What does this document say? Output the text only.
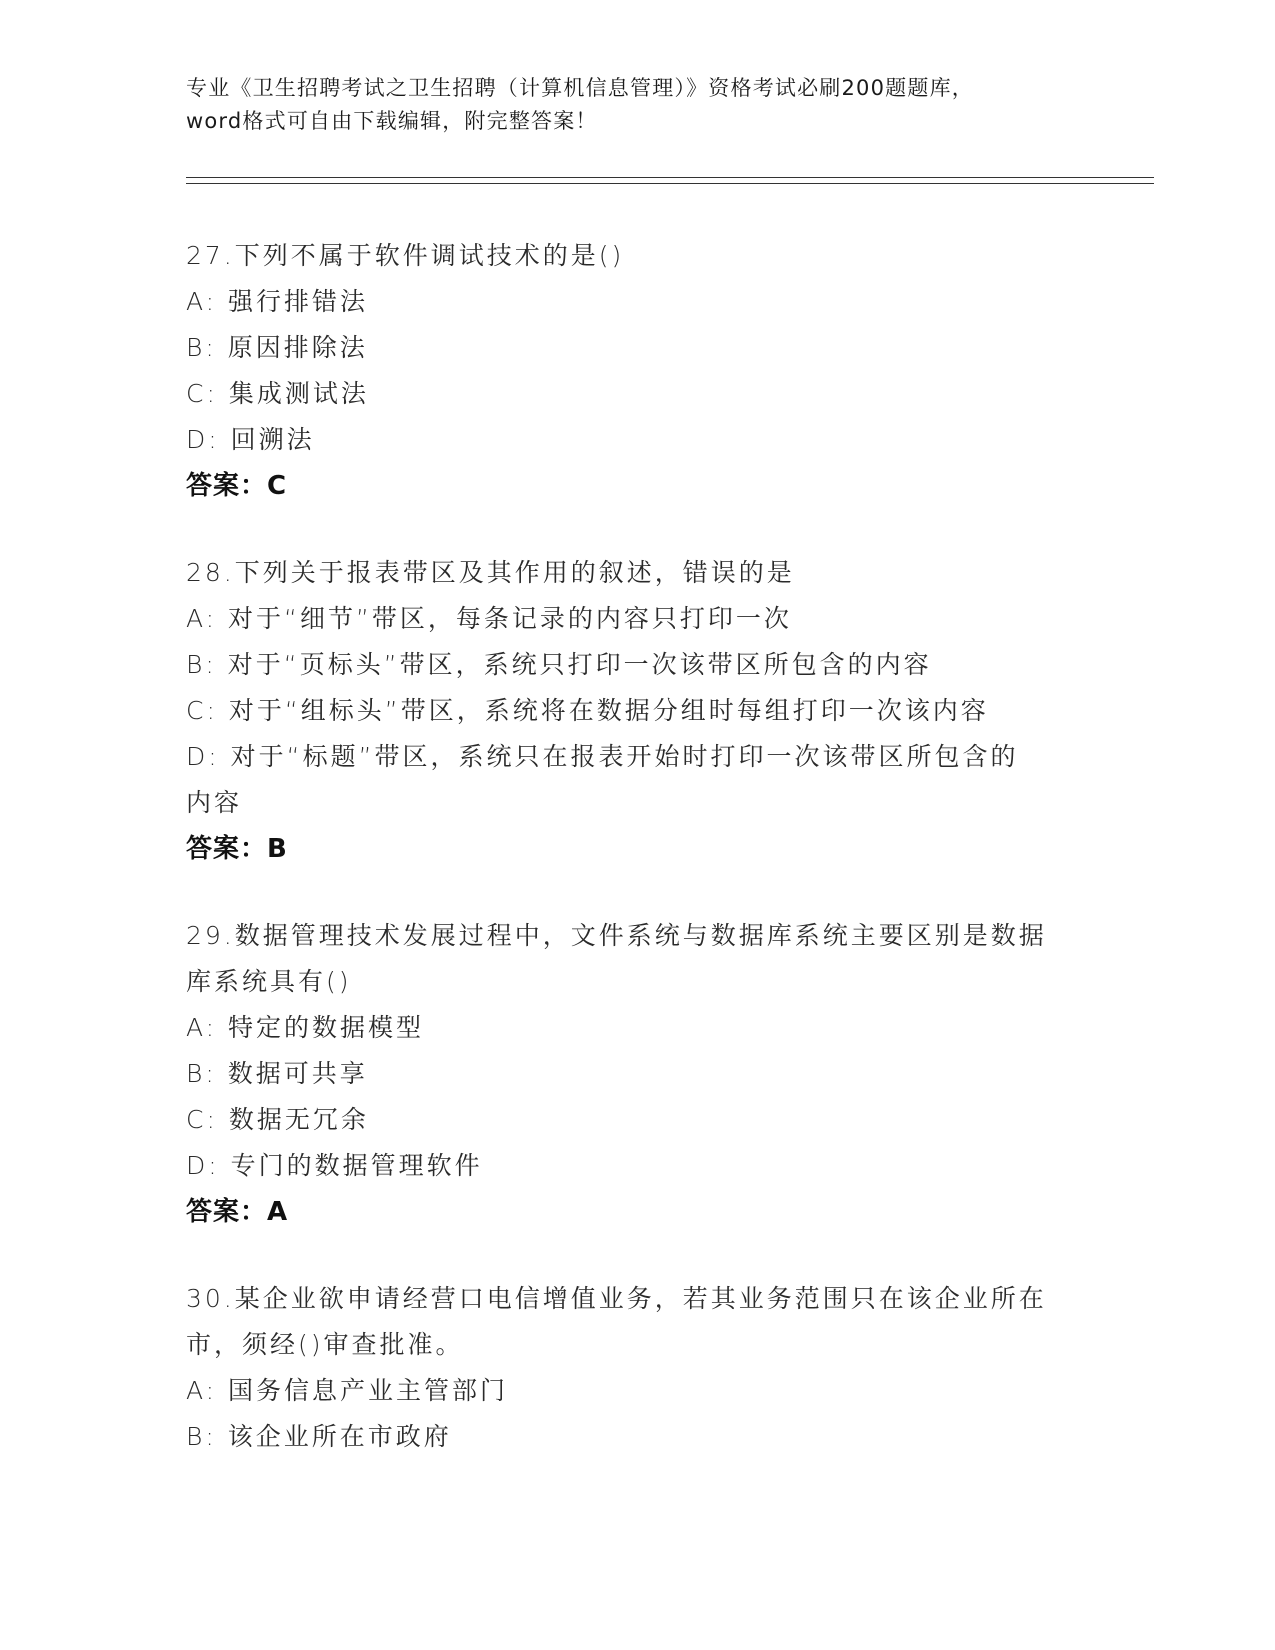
专业《卫生招聘考试之卫生招聘（计算机信息管理）》资格考试必刷200题题库，
word格式可自由下载编辑，附完整答案！
27.下列不属于软件调试技术的是()
A: 强行排错法
B: 原因排除法
C: 集成测试法
D: 回溯法
答案：C
28.下列关于报表带区及其作用的叙述，错误的是
A: 对于“细节”带区，每条记录的内容只打印一次
B: 对于“页标头”带区，系统只打印一次该带区所包含的内容
C: 对于“组标头”带区，系统将在数据分组时每组打印一次该内容
D: 对于“标题”带区，系统只在报表开始时打印一次该带区所包含的
内容
答案：B
29.数据管理技术发展过程中，文件系统与数据库系统主要区别是数据
库系统具有()
A: 特定的数据模型
B: 数据可共享
C: 数据无冗余
D: 专门的数据管理软件
答案：A
30.某企业欲申请经营口电信增值业务，若其业务范围只在该企业所在
市，须经()审查批准。
A: 国务信息产业主管部门
B: 该企业所在市政府
